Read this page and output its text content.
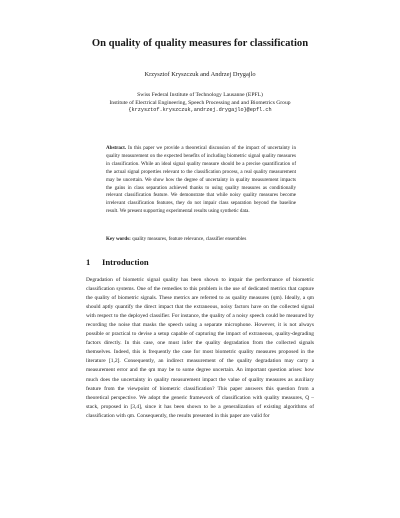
On quality of quality measures for classification
Krzysztof Kryszczuk and Andrzej Drygajlo
Swiss Federal Institute of Technology Lausanne (EPFL)
Institute of Electrical Engineering, Speech Processing and and Biometrics Group
{krzysztof.kryszczuk,andrzej.drygajlo}@epfl.ch

Abstract. In this paper we provide a theoretical discussion of the impact of uncertainty in quality measurement on the expected benefits of including biometric signal quality measures in classification. While an ideal signal quality measure should be a precise quantification of the actual signal properties relevant to the classification process, a real quality measurement may be uncertain. We show how the degree of uncertainty in quality measurement impacts the gains in class separation achieved thanks to using quality measures as conditionally relevant classification feature. We demonstrate that while noisy quality measures become irrelevant classification features, they do not impair class separation beyond the baseline result. We present supporting experimental results using synthetic data.

Key words: quality measures, feature relevance, classifier ensembles
1 Introduction

Degradation of biometric signal quality has been shown to impair the performance of biometric classification systems. One of the remedies to this problem is the use of dedicated metrics that capture the quality of biometric signals. These metrics are referred to as quality measures (qm). Ideally, a qm should aptly quantify the direct impact that the extraneous, noisy factors have on the collected signal with respect to the deployed classifier. For instance, the quality of a noisy speech could be measured by recording the noise that masks the speech using a separate microphone. However, it is not always possible or practical to devise a setup capable of capturing the impact of extraneous, quality-degrading factors directly. In this case, one must infer the quality degradation from the collected signals themselves. Indeed, this is frequently the case for most biometric quality measures proposed in the literature [1,2]. Consequently, an indirect measurement of the quality degradation may carry a measurement error and the qm may be to some degree uncertain. An important question arises: how much does the uncertainty in quality measurement impact the value of quality measures as auxiliary feature from the viewpoint of biometric classification? This paper answers this question from a theoretical perspective. We adopt the generic framework of classification with quality measures, Q – stack, proposed in [3,4], since it has been shown to be a generalization of existing algorithms of classification with qm. Consequently, the results presented in this paper are valid for
